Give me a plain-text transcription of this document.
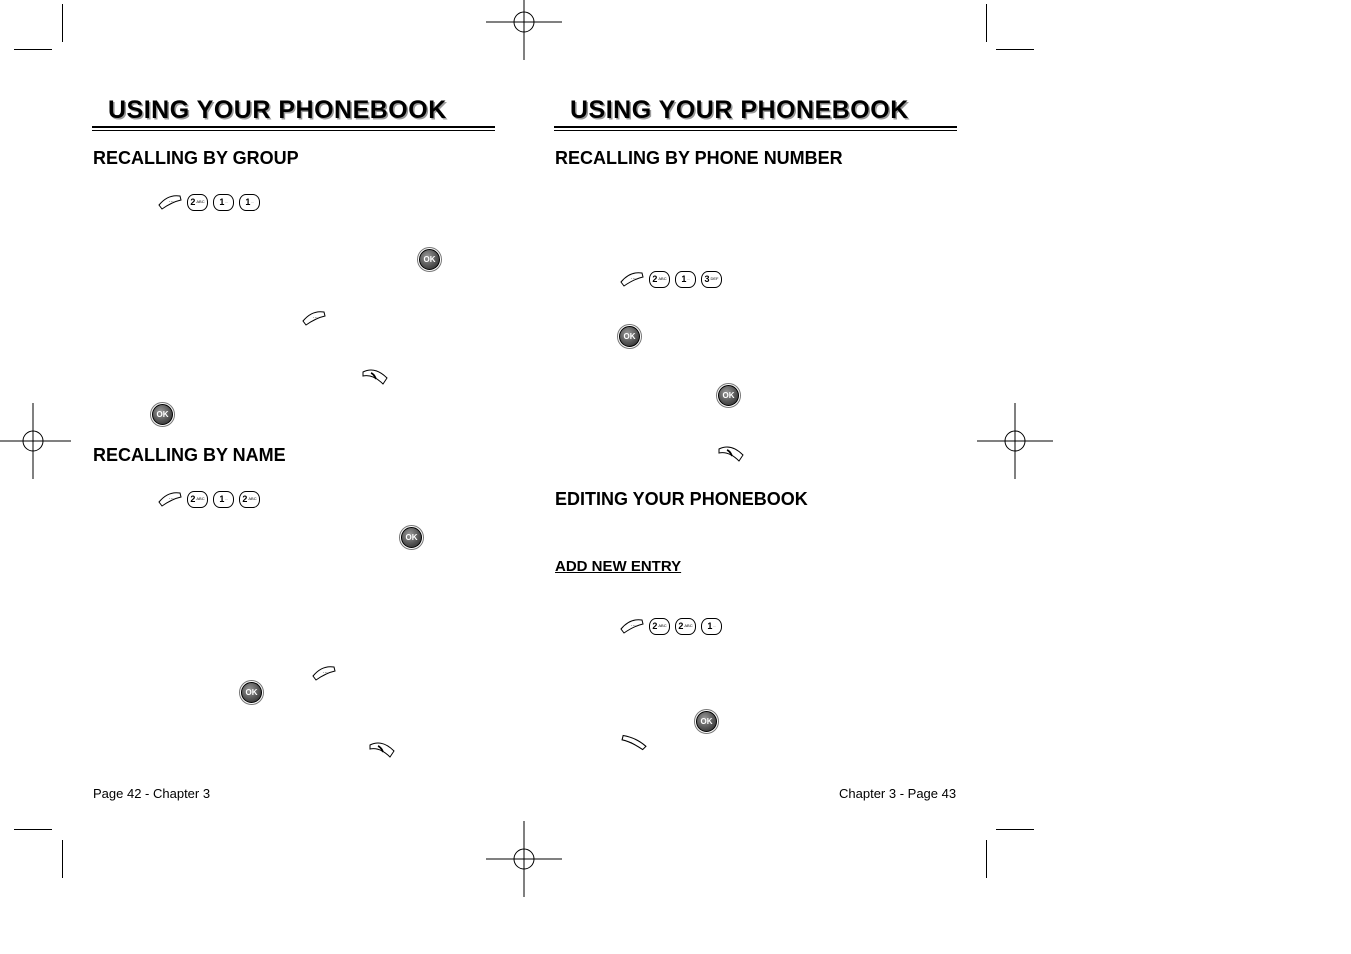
USING YOUR PHONEBOOK
RECALLING BY GROUP
··· 2 ABC 1 .. 1 ..
OK
···
OK
RECALLING BY NAME
··· 2 ABC 1 .. 2 ABC
OK
···
OK
Page 42 - Chapter 3
USING YOUR PHONEBOOK
RECALLING BY PHONE NUMBER
··· 2 ABC 1 .. 3 DEF
OK
OK
EDITING YOUR PHONEBOOK
ADD NEW ENTRY
··· 2 ABC 2 ABC 1 ..
OK
··
Chapter 3 - Page 43
